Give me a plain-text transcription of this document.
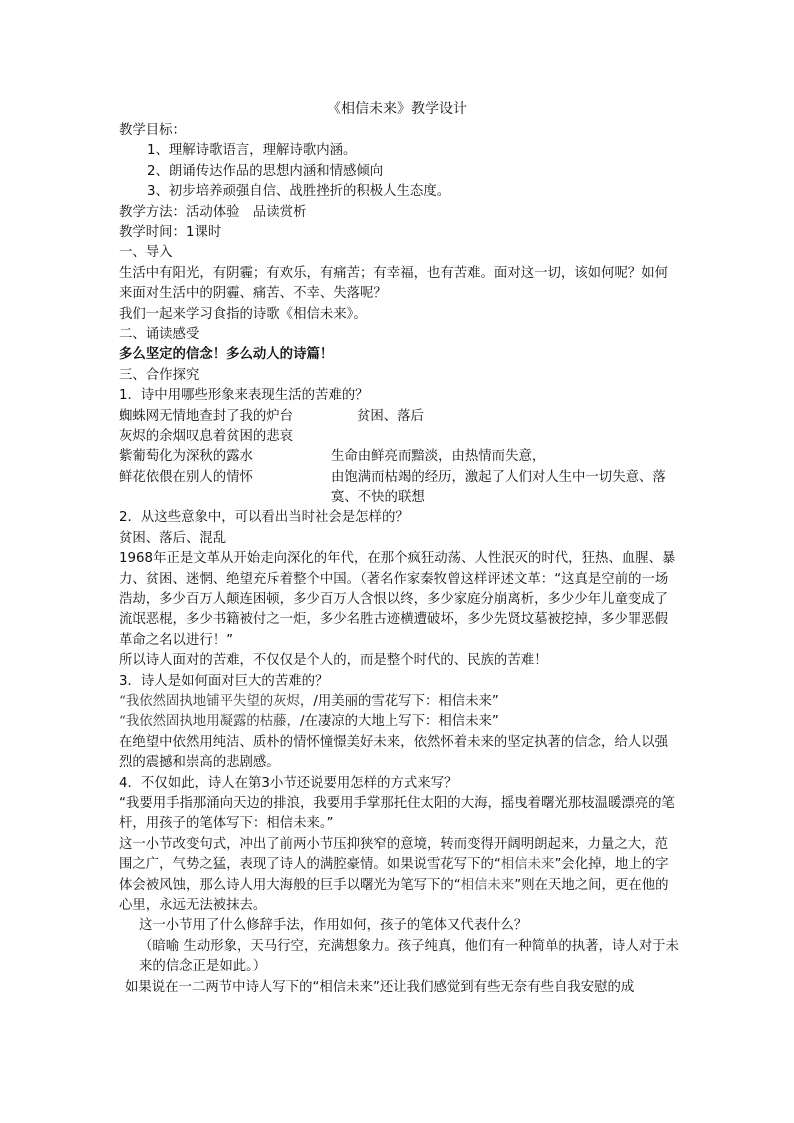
《相信未来》教学设计

教学目标：

1、理解诗歌语言，理解诗歌内涵。

2、朗诵传达作品的思想内涵和情感倾向

3、初步培养顽强自信、战胜挫折的积极人生态度。

教学方法：活动体验　品读赏析

教学时间：1课时

一、导入

生活中有阳光，有阴霾；有欢乐，有痛苦；有幸福，也有苦难。面对这一切，该如何呢？如何来面对生活中的阴霾、痛苦、不幸、失落呢？

我们一起来学习食指的诗歌《相信未来》。

二、诵读感受

多么坚定的信念！多么动人的诗篇！

三、合作探究

1．诗中用哪些形象来表现生活的苦难的？

蜘蛛网无情地查封了我的炉台	贫困、落后
灰烬的余烟叹息着贫困的悲哀
紫葡萄化为深秋的露水	生命由鲜亮而黯淡，由热情而失意，
鲜花依偎在别人的情怀	由饱满而枯竭的经历，激起了人们对人生中一切失意、落寞、不快的联想

2．从这些意象中，可以看出当时社会是怎样的？

贫困、落后、混乱

1968年正是文革从开始走向深化的年代，在那个疯狂动荡、人性泯灭的时代，狂热、血腥、暴力、贫困、迷惘、绝望充斥着整个中国。（著名作家秦牧曾这样评述文革：“这真是空前的一场浩劫，多少百万人颠连困顿，多少百万人含恨以终，多少家庭分崩离析，多少少年儿童变成了流氓恶棍，多少书籍被付之一炬，多少名胜古迹横遭破坏，多少先贤坟墓被挖掉，多少罪恶假革命之名以进行！”

所以诗人面对的苦难，不仅仅是个人的，而是整个时代的、民族的苦难！

3．诗人是如何面对巨大的苦难的？

“我依然固执地铺平失望的灰烬，/用美丽的雪花写下：相信未来”

“我依然固执地用凝露的枯藤，/在凄凉的大地上写下：相信未来”

在绝望中依然用纯洁、质朴的情怀憧憬美好未来，依然怀着未来的坚定执著的信念，给人以强烈的震撼和崇高的悲剧感。

4．不仅如此，诗人在第3小节还说要用怎样的方式来写？

“我要用手指那涌向天边的排浪，我要用手掌那托住太阳的大海，摇曳着曙光那枝温暖漂亮的笔杆，用孩子的笔体写下：相信未来。”

这一小节改变句式，冲出了前两小节压抑狭窄的意境，转而变得开阔明朗起来，力量之大，范围之广，气势之猛，表现了诗人的满腔豪情。如果说雪花写下的“相信未来”会化掉，地上的字体会被风蚀，那么诗人用大海般的巨手以曙光为笔写下的“相信未来”则在天地之间，更在他的心里，永远无法被抹去。

这一小节用了什么修辞手法，作用如何，孩子的笔体又代表什么？

（暗喻 生动形象，天马行空，充满想象力。孩子纯真，他们有一种简单的执著，诗人对于未来的信念正是如此。）

如果说在一二两节中诗人写下的“相信未来”还让我们感觉到有些无奈有些自我安慰的成
